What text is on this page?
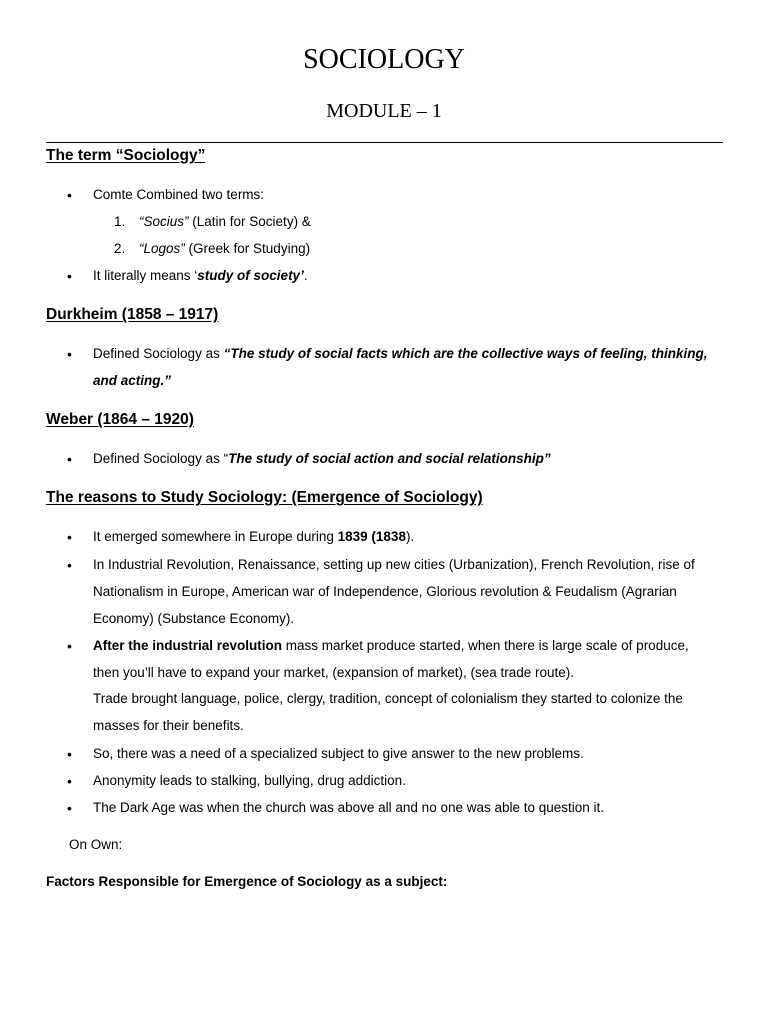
SOCIOLOGY
MODULE – 1
The term “Sociology”
• Comte Combined two terms:
1. “Socius” (Latin for Society) &
2. “Logos” (Greek for Studying)
• It literally means ‘study of society’.
Durkheim (1858 – 1917)
• Defined Sociology as “The study of social facts which are the collective ways of feeling, thinking,
and acting.”
Weber (1864 – 1920)
• Defined Sociology as “The study of social action and social relationship”
The reasons to Study Sociology: (Emergence of Sociology)
• It emerged somewhere in Europe during 1839 (1838).
• In Industrial Revolution, Renaissance, setting up new cities (Urbanization), French Revolution, rise of
Nationalism in Europe, American war of Independence, Glorious revolution & Feudalism (Agrarian
Economy) (Substance Economy).
• After the industrial revolution mass market produce started, when there is large scale of produce,
then you’ll have to expand your market, (expansion of market), (sea trade route).
Trade brought language, police, clergy, tradition, concept of colonialism they started to colonize the
masses for their benefits.
• So, there was a need of a specialized subject to give answer to the new problems.
• Anonymity leads to stalking, bullying, drug addiction.
• The Dark Age was when the church was above all and no one was able to question it.
On Own:
Factors Responsible for Emergence of Sociology as a subject:
